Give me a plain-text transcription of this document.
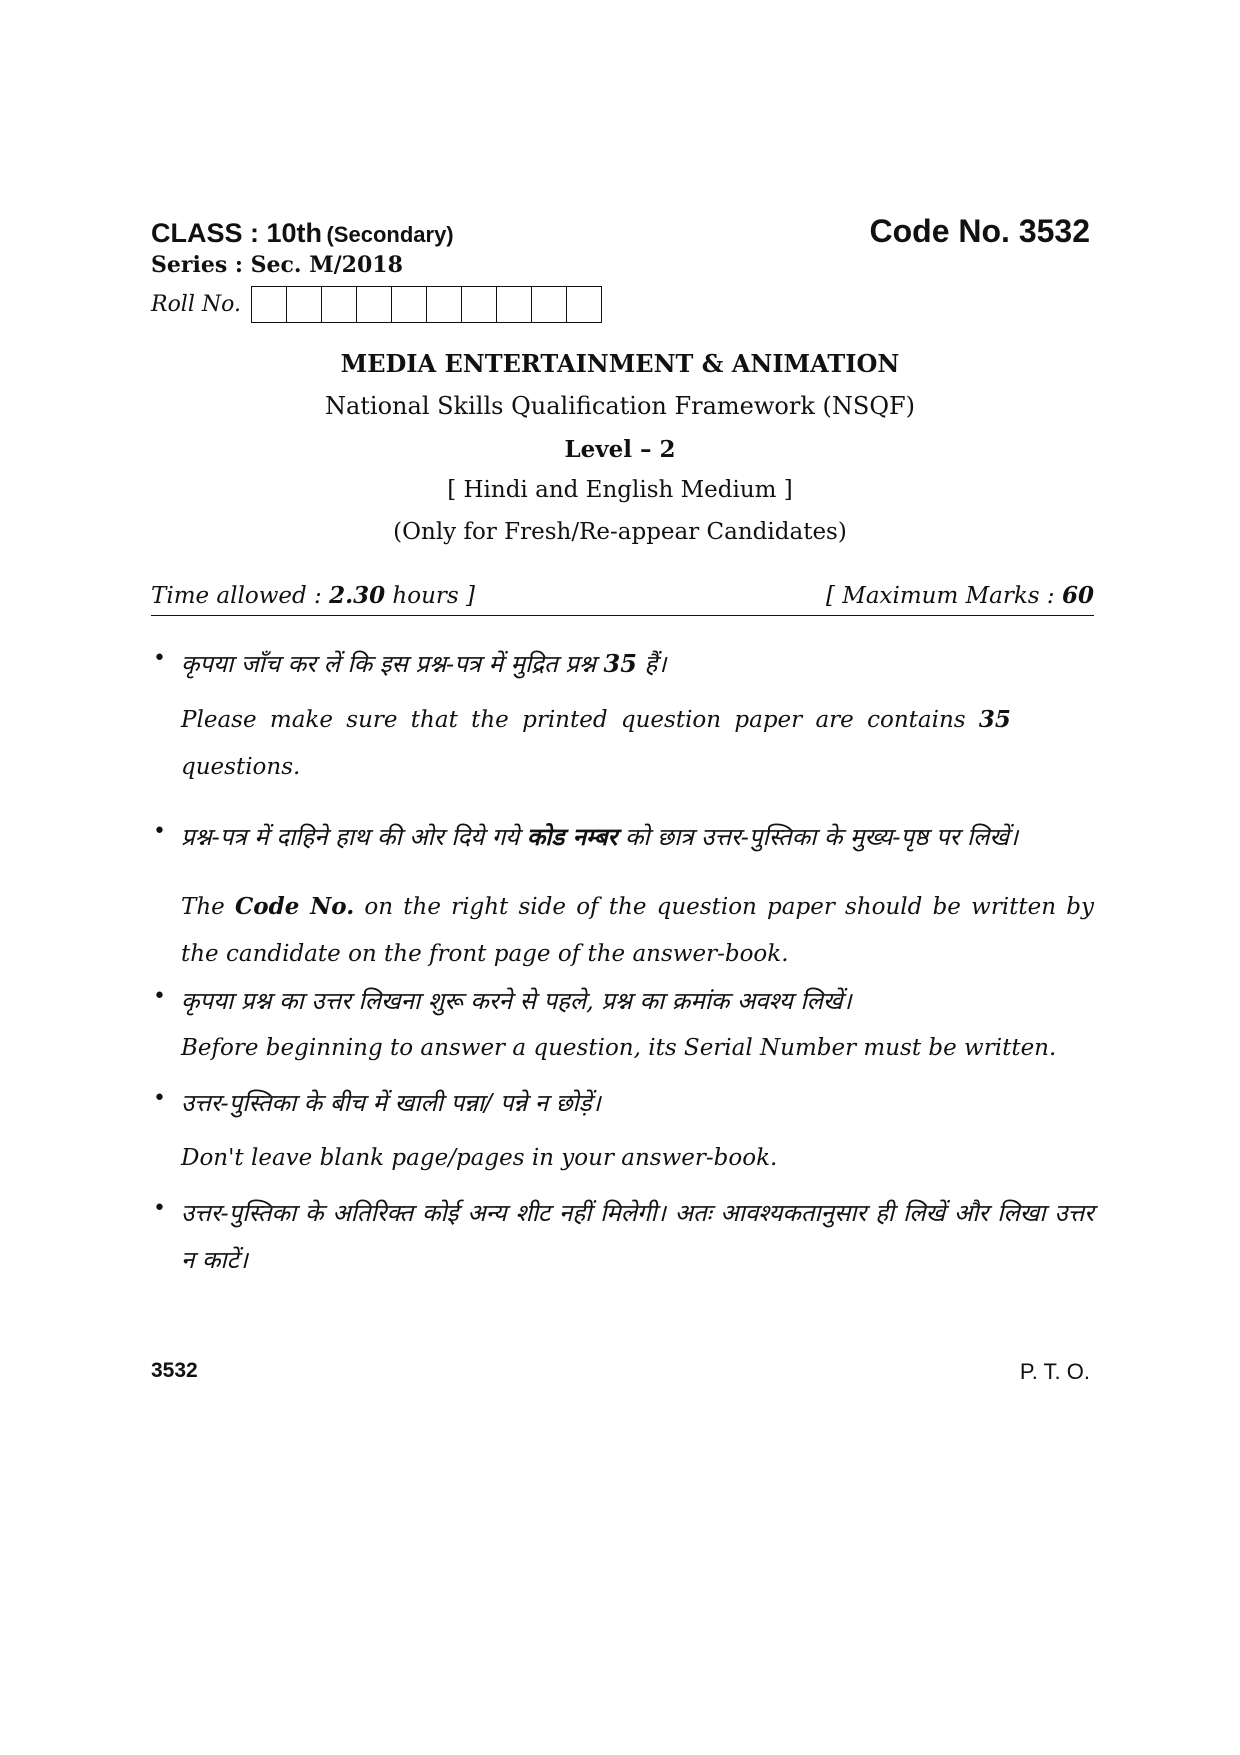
CLASS : 10th (Secondary)	Code No. 3532
Series : Sec. M/2018
Roll No.
MEDIA ENTERTAINMENT & ANIMATION
National Skills Qualification Framework (NSQF)
Level – 2
[ Hindi and English Medium ]
(Only for Fresh/Re-appear Candidates)
Time allowed : 2.30 hours ]	[ Maximum Marks : 60
• कृपया जाँच कर लें कि इस प्रश्न-पत्र में मुद्रित प्रश्न 35 हैं।
Please make sure that the printed question paper are contains 35
questions.
• प्रश्न-पत्र में दाहिने हाथ की ओर दिये गये कोड नम्बर को छात्र उत्तर-पुस्तिका के मुख्य-पृष्ठ पर लिखें।
The Code No. on the right side of the question paper should be written by the candidate on the front page of the answer-book.
• कृपया प्रश्न का उत्तर लिखना शुरू करने से पहले, प्रश्न का क्रमांक अवश्य लिखें।
Before beginning to answer a question, its Serial Number must be written.
• उत्तर-पुस्तिका के बीच में खाली पन्ना/ पन्ने न छोड़ें।
Don't leave blank page/pages in your answer-book.
• उत्तर-पुस्तिका के अतिरिक्त कोई अन्य शीट नहीं मिलेगी। अतः आवश्यकतानुसार ही लिखें और लिखा उत्तर न काटें।
3532	P. T. O.
